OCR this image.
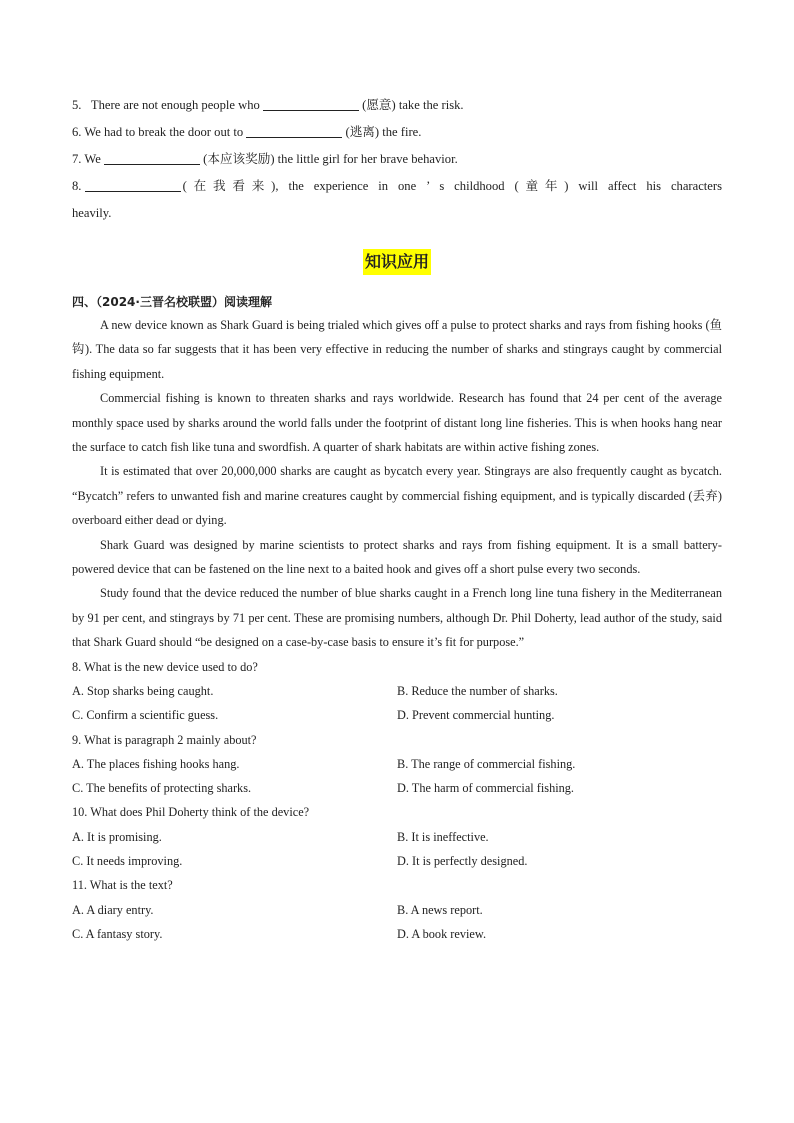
5. There are not enough people who	(愿意) take the risk.
6. We had to break the door out to	(逃离) the fire.
7. We	(本应该奖励) the little girl for her brave behavior.
8.	(在我看来), the experience in one ’ s childhood (童年) will affect his characters
heavily.
知识应用
四、（2024·三晋名校联盟）阅读理解

A new device known as Shark Guard is being trialed which gives off a pulse to protect sharks and rays from fishing hooks (鱼钩). The data so far suggests that it has been very effective in reducing the number of sharks and stingrays caught by commercial fishing equipment.

Commercial fishing is known to threaten sharks and rays worldwide. Research has found that 24 per cent of the average monthly space used by sharks around the world falls under the footprint of distant long line fisheries. This is when hooks hang near the surface to catch fish like tuna and swordfish. A quarter of shark habitats are within active fishing zones.

It is estimated that over 20,000,000 sharks are caught as bycatch every year. Stingrays are also frequently caught as bycatch. “Bycatch” refers to unwanted fish and marine creatures caught by commercial fishing equipment, and is typically discarded (丢弃) overboard either dead or dying.

Shark Guard was designed by marine scientists to protect sharks and rays from fishing equipment. It is a small battery-powered device that can be fastened on the line next to a baited hook and gives off a short pulse every two seconds.

Study found that the device reduced the number of blue sharks caught in a French long line tuna fishery in the Mediterranean by 91 per cent, and stingrays by 71 per cent. These are promising numbers, although Dr. Phil Doherty, lead author of the study, said that Shark Guard should “be designed on a case-by-case basis to ensure it’s fit for purpose.”

8. What is the new device used to do?
A. Stop sharks being caught.	B. Reduce the number of sharks.
C. Confirm a scientific guess.	D. Prevent commercial hunting.
9. What is paragraph 2 mainly about?
A. The places fishing hooks hang.	B. The range of commercial fishing.
C. The benefits of protecting sharks.	D. The harm of commercial fishing.
10. What does Phil Doherty think of the device?
A. It is promising.	B. It is ineffective.
C. It needs improving.	D. It is perfectly designed.
11. What is the text?
A. A diary entry.	B. A news report.
C. A fantasy story.	D. A book review.
